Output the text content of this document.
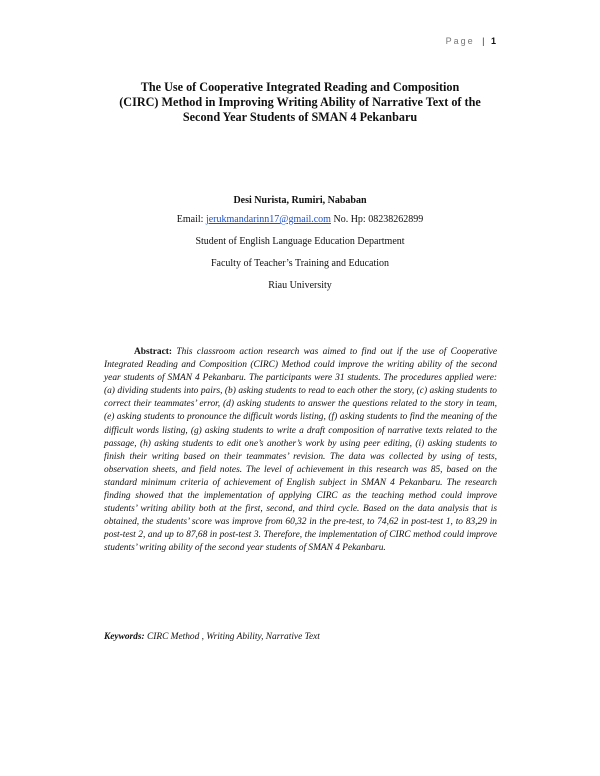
Page | 1
The Use of Cooperative Integrated Reading and Composition
(CIRC) Method in Improving Writing Ability of Narrative Text of the
Second Year Students of SMAN 4 Pekanbaru
Desi Nurista, Rumiri, Nababan
Email: jerukmandarinn17@gmail.com No. Hp: 08238262899
Student of English Language Education Department
Faculty of Teacher’s Training and Education
Riau University
Abstract: This classroom action research was aimed to find out if the use of Cooperative Integrated Reading and Composition (CIRC) Method could improve the writing ability of the second year students of SMAN 4 Pekanbaru. The participants were 31 students. The procedures applied were: (a) dividing students into pairs, (b) asking students to read to each other the story, (c) asking students to correct their teammates’ error, (d) asking students to answer the questions related to the story in team, (e) asking students to pronounce the difficult words listing, (f) asking students to find the meaning of the difficult words listing, (g) asking students to write a draft composition of narrative texts related to the passage, (h) asking students to edit one’s another’s work by using peer editing, (i) asking students to finish their writing based on their teammates’ revision. The data was collected by using of tests, observation sheets, and field notes. The level of achievement in this research was 85, based on the standard minimum criteria of achievement of English subject in SMAN 4 Pekanbaru. The research finding showed that the implementation of applying CIRC as the teaching method could improve students’ writing ability both at the first, second, and third cycle. Based on the data analysis that is obtained, the students’ score was improve from 60,32 in the pre-test, to 74,62 in post-test 1, to 83,29 in post-test 2, and up to 87,68 in post-test 3. Therefore, the implementation of CIRC method could improve students’ writing ability of the second year students of SMAN 4 Pekanbaru.
Keywords: CIRC Method , Writing Ability, Narrative Text
